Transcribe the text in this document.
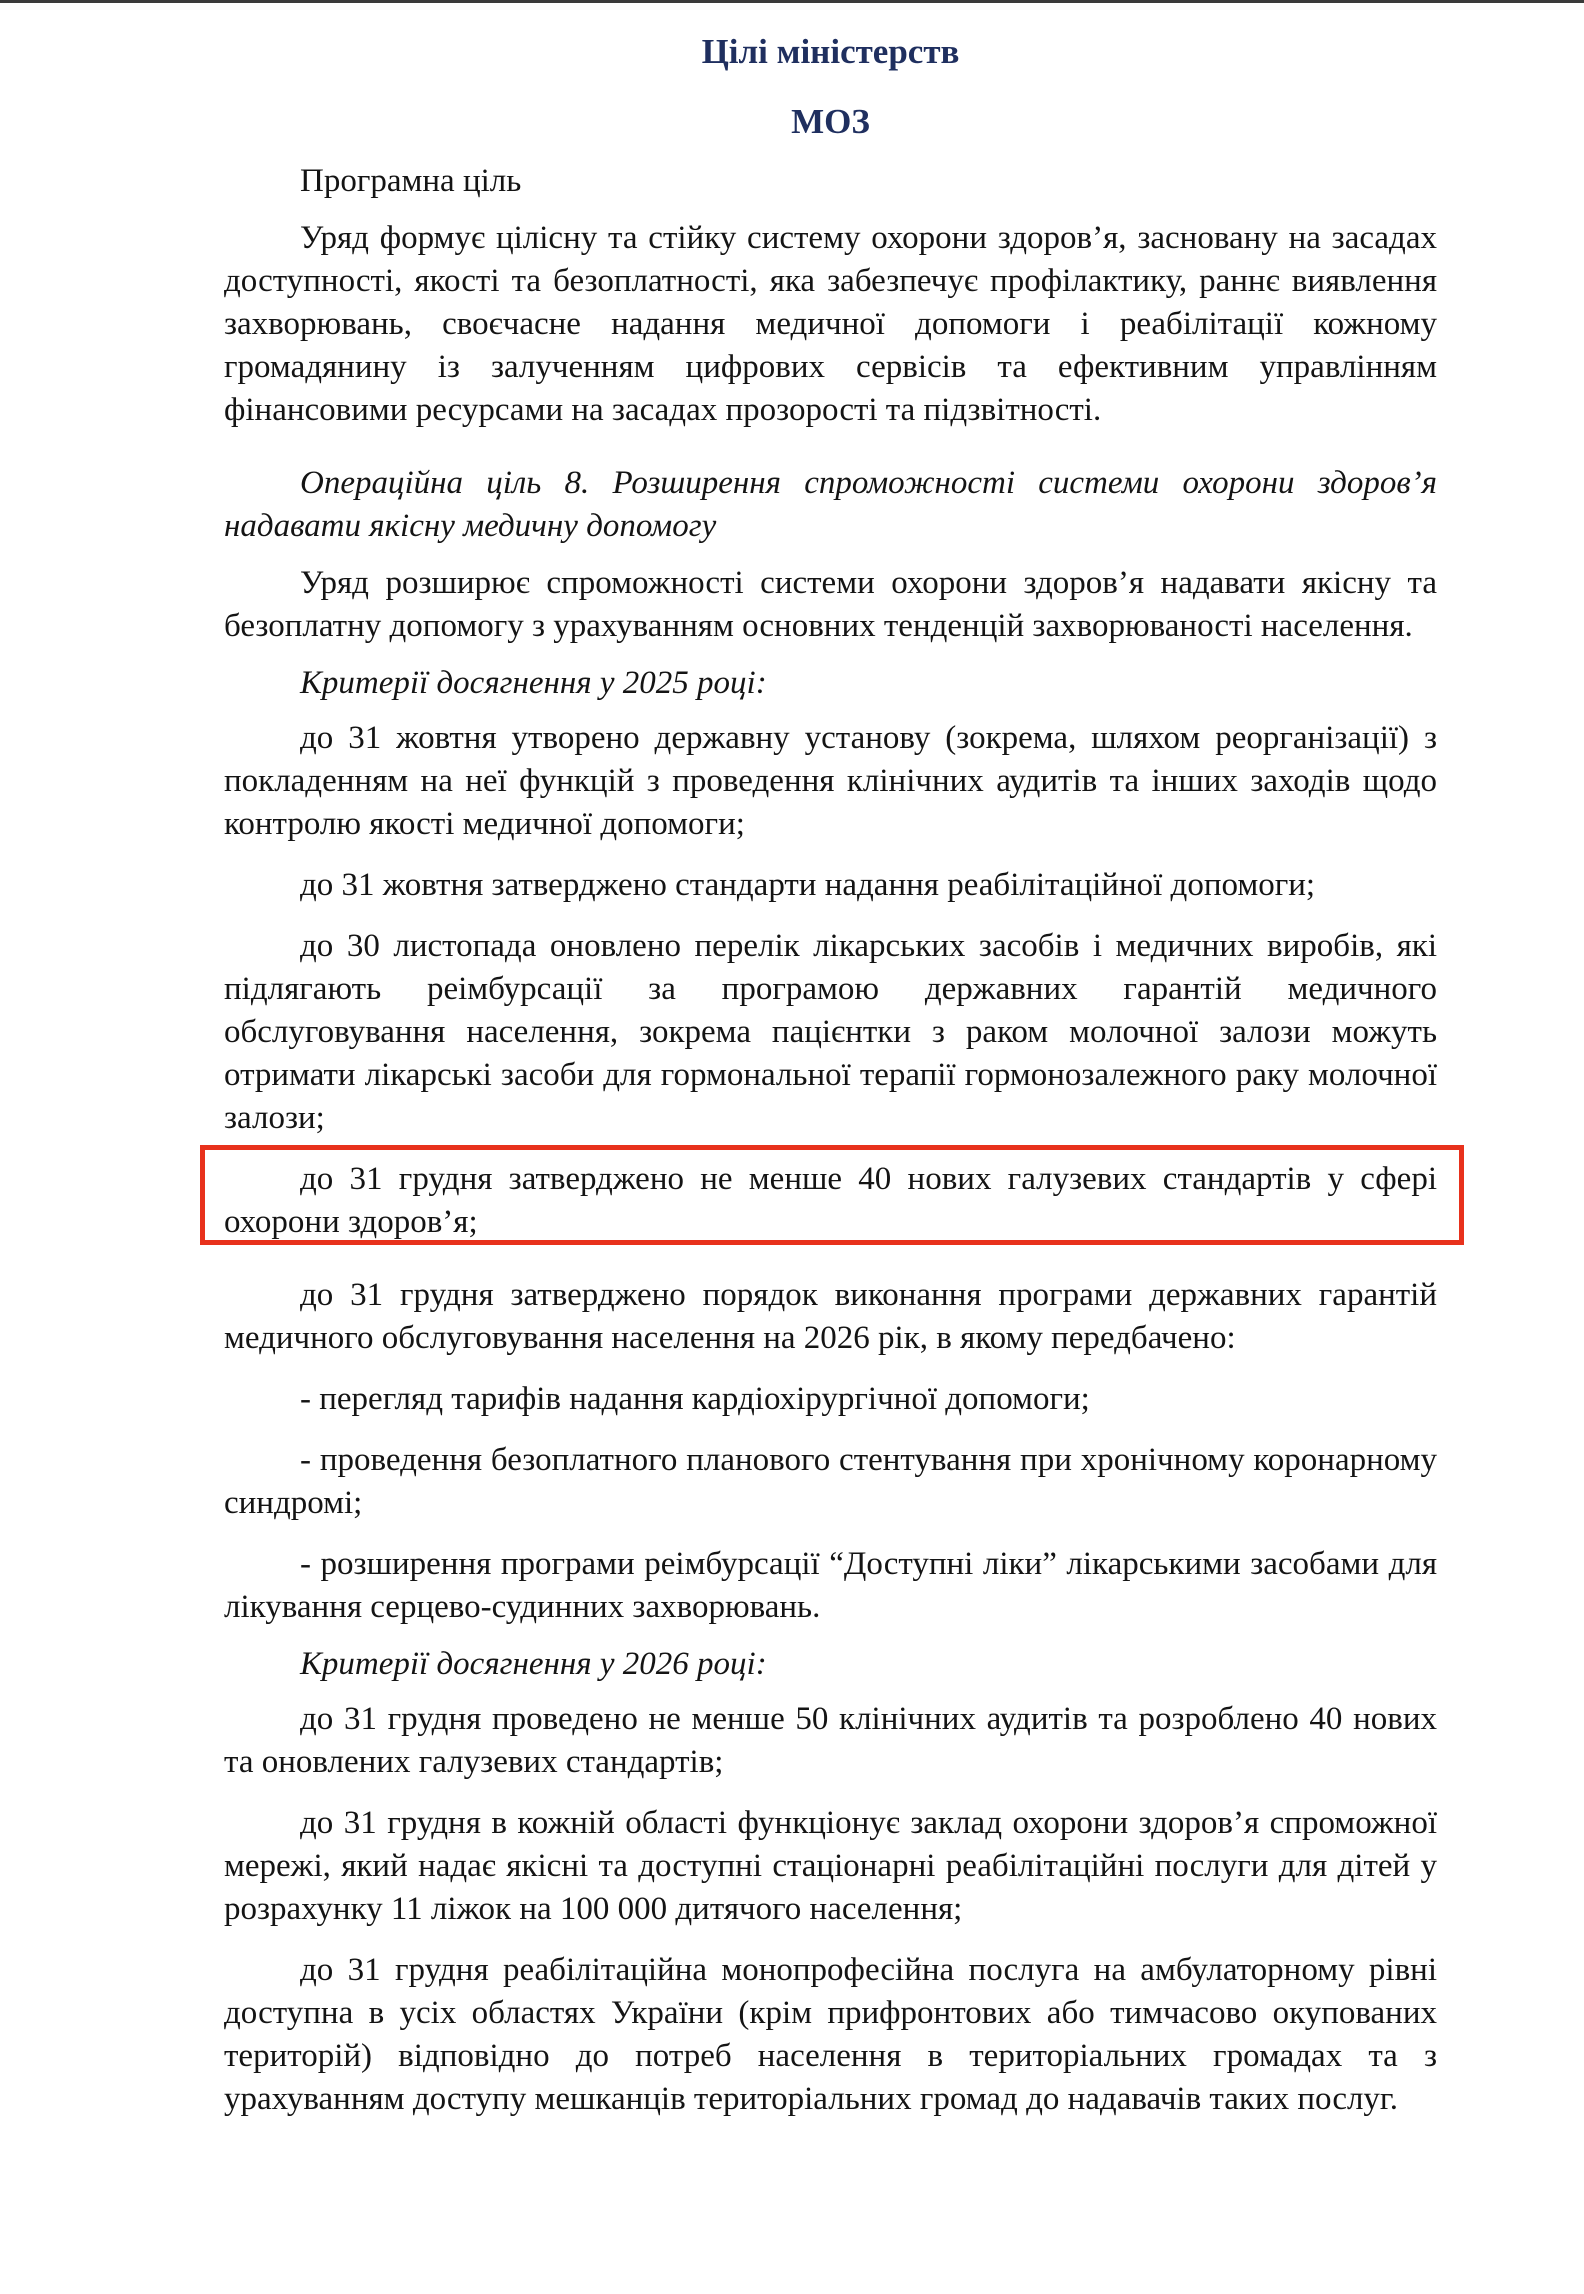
Цілі міністерств
МОЗ

Програмна ціль

Уряд формує цілісну та стійку систему охорони здоров’я, засновану на засадах доступності, якості та безоплатності, яка забезпечує профілактику, раннє виявлення захворювань, своєчасне надання медичної допомоги і реабілітації кожному громадянину із залученням цифрових сервісів та ефективним управлінням фінансовими ресурсами на засадах прозорості та підзвітності.

Операційна ціль 8. Розширення спроможності системи охорони здоров’я надавати якісну медичну допомогу

Уряд розширює спроможності системи охорони здоров’я надавати якісну та безоплатну допомогу з урахуванням основних тенденцій захворюваності населення.

Критерії досягнення у 2025 році:

до 31 жовтня утворено державну установу (зокрема, шляхом реорганізації) з покладенням на неї функцій з проведення клінічних аудитів та інших заходів щодо контролю якості медичної допомоги;

до 31 жовтня затверджено стандарти надання реабілітаційної допомоги;

до 30 листопада оновлено перелік лікарських засобів і медичних виробів, які підлягають реімбурсації за програмою державних гарантій медичного обслуговування населення, зокрема пацієнтки з раком молочної залози можуть отримати лікарські засоби для гормональної терапії гормонозалежного раку молочної залози;

до 31 грудня затверджено не менше 40 нових галузевих стандартів у сфері охорони здоров’я;

до 31 грудня затверджено порядок виконання програми державних гарантій медичного обслуговування населення на 2026 рік, в якому передбачено:

- перегляд тарифів надання кардіохірургічної допомоги;

- проведення безоплатного планового стентування при хронічному коронарному синдромі;

- розширення програми реімбурсації “Доступні ліки” лікарськими засобами для лікування серцево-судинних захворювань.

Критерії досягнення у 2026 році:

до 31 грудня проведено не менше 50 клінічних аудитів та розроблено 40 нових та оновлених галузевих стандартів;

до 31 грудня в кожній області функціонує заклад охорони здоров’я спроможної мережі, який надає якісні та доступні стаціонарні реабілітаційні послуги для дітей у розрахунку 11 ліжок на 100 000 дитячого населення;

до 31 грудня реабілітаційна монопрофесійна послуга на амбулаторному рівні доступна в усіх областях України (крім прифронтових або тимчасово окупованих територій) відповідно до потреб населення в територіальних громадах та з урахуванням доступу мешканців територіальних громад до надавачів таких послуг.
